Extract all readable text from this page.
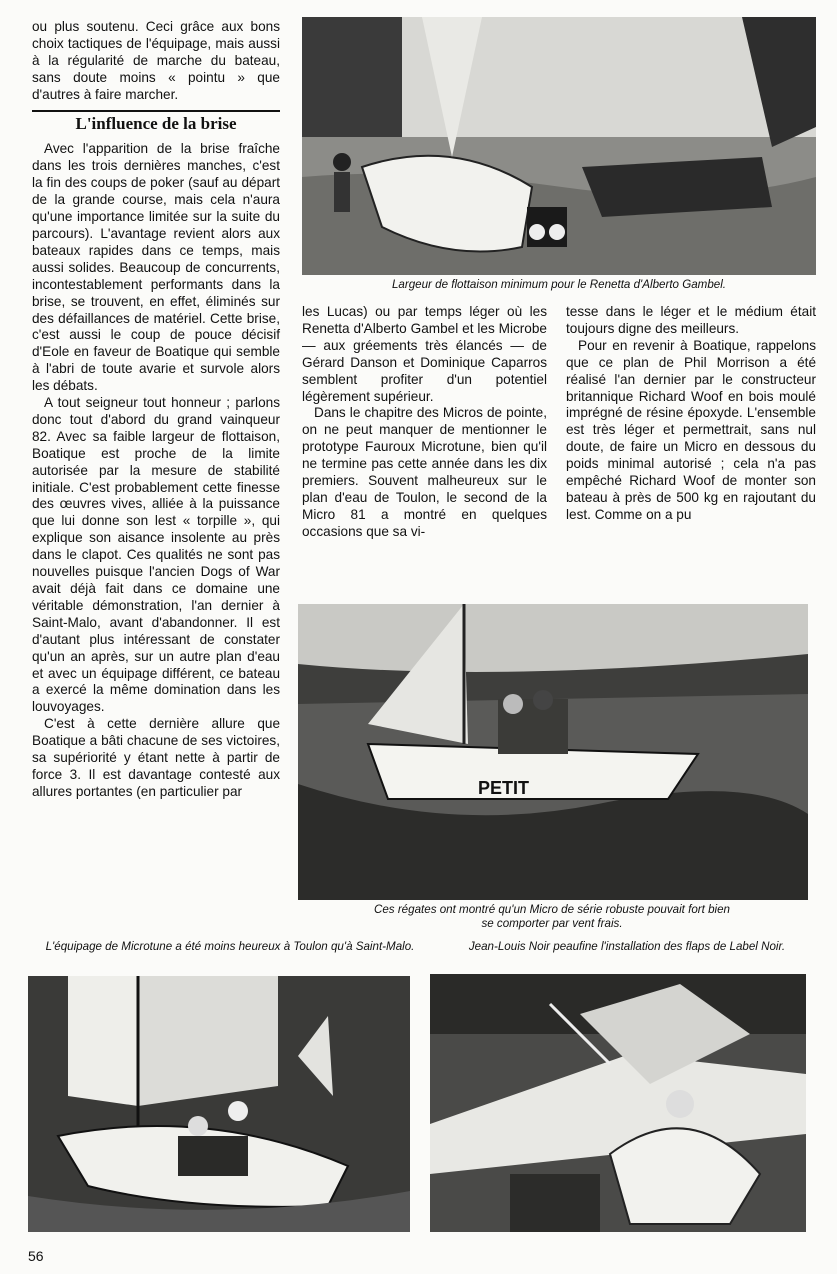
ou plus soutenu. Ceci grâce aux bons choix tactiques de l'équipage, mais aussi à la régularité de marche du bateau, sans doute moins « pointu » que d'autres à faire marcher.

L'influence de la brise

Avec l'apparition de la brise fraîche dans les trois dernières manches, c'est la fin des coups de poker (sauf au départ de la grande course, mais cela n'aura qu'une importance limitée sur la suite du parcours). L'avantage revient alors aux bateaux rapides dans ce temps, mais aussi solides. Beaucoup de concurrents, incontestablement performants dans la brise, se trouvent, en effet, éliminés sur des défaillances de matériel. Cette brise, c'est aussi le coup de pouce décisif d'Eole en faveur de Boatique qui semble à l'abri de toute avarie et survole alors les débats.

A tout seigneur tout honneur ; parlons donc tout d'abord du grand vainqueur 82. Avec sa faible largeur de flottaison, Boatique est proche de la limite autorisée par la mesure de stabilité initiale. C'est probablement cette finesse des œuvres vives, alliée à la puissance que lui donne son lest « torpille », qui explique son aisance insolente au près dans le clapot. Ces qualités ne sont pas nouvelles puisque l'ancien Dogs of War avait déjà fait dans ce domaine une véritable démonstration, l'an dernier à Saint-Malo, avant d'abandonner. Il est d'autant plus intéressant de constater qu'un an après, sur un autre plan d'eau et avec un équipage différent, ce bateau a exercé la même domination dans les louvoyages.

C'est à cette dernière allure que Boatique a bâti chacune de ses victoires, sa supériorité y étant nette à partir de force 3. Il est davantage contesté aux allures portantes (en particulier par

Largeur de flottaison minimum pour le Renetta d'Alberto Gambel.

les Lucas) ou par temps léger où les Renetta d'Alberto Gambel et les Microbe — aux gréements très élancés — de Gérard Danson et Dominique Caparros semblent profiter d'un potentiel légèrement supérieur.

Dans le chapitre des Micros de pointe, on ne peut manquer de mentionner le prototype Fauroux Microtune, bien qu'il ne termine pas cette année dans les dix premiers. Souvent malheureux sur le plan d'eau de Toulon, le second de la Micro 81 a montré en quelques occasions que sa vi-

tesse dans le léger et le médium était toujours digne des meilleurs.

Pour en revenir à Boatique, rappelons que ce plan de Phil Morrison a été réalisé l'an dernier par le constructeur britannique Richard Woof en bois moulé imprégné de résine époxyde. L'ensemble est très léger et permettrait, sans nul doute, de faire un Micro en dessous du poids minimal autorisé ; cela n'a pas empêché Richard Woof de monter son bateau à près de 500 kg en rajoutant du lest. Comme on a pu

PETIT
Ces régates ont montré qu'un Micro de série robuste pouvait fort bien se comporter par vent frais.
L'équipage de Microtune a été moins heureux à Toulon qu'à Saint-Malo.	Jean-Louis Noir peaufine l'installation des flaps de Label Noir.
56
